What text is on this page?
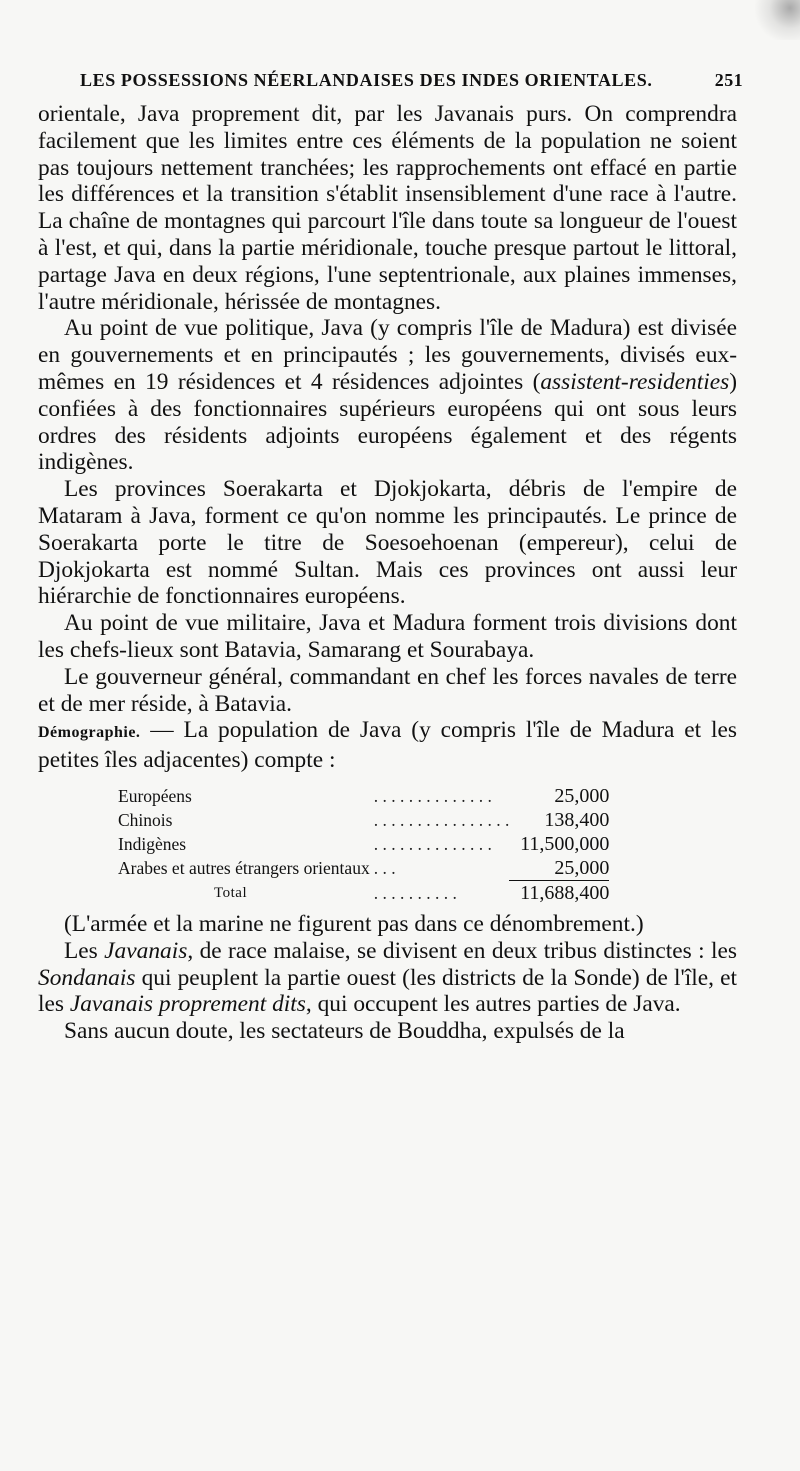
LES POSSESSIONS NÉERLANDAISES DES INDES ORIENTALES.	251

orientale, Java proprement dit, par les Javanais purs. On comprendra facilement que les limites entre ces éléments de la population ne soient pas toujours nettement tranchées; les rapprochements ont effacé en partie les différences et la transition s'établit insensiblement d'une race à l'autre. La chaîne de montagnes qui parcourt l'île dans toute sa longueur de l'ouest à l'est, et qui, dans la partie méridionale, touche presque partout le littoral, partage Java en deux régions, l'une septentrionale, aux plaines immenses, l'autre méridionale, hérissée de montagnes.

Au point de vue politique, Java (y compris l'île de Madura) est divisée en gouvernements et en principautés ; les gouvernements, divisés eux-mêmes en 19 résidences et 4 résidences adjointes (assistent-residenties) confiées à des fonctionnaires supérieurs européens qui ont sous leurs ordres des résidents adjoints européens également et des régents indigènes.

Les provinces Soerakarta et Djokjokarta, débris de l'empire de Mataram à Java, forment ce qu'on nomme les principautés. Le prince de Soerakarta porte le titre de Soesoehoenan (empereur), celui de Djokjokarta est nommé Sultan. Mais ces provinces ont aussi leur hiérarchie de fonctionnaires européens.

Au point de vue militaire, Java et Madura forment trois divisions dont les chefs-lieux sont Batavia, Samarang et Sourabaya.

Le gouverneur général, commandant en chef les forces navales de terre et de mer réside, à Batavia.

Démographie. — La population de Java (y compris l'île de Madura et les petites îles adjacentes) compte :

Européens	. . . . . . . . . . . . . .	25,000
Chinois	. . . . . . . . . . . . . . . .	138,400
Indigènes	. . . . . . . . . . . . . .	11,500,000
Arabes et autres étrangers orientaux	. . .	25,000
Total	. . . . . . . . . .	11,688,400

(L'armée et la marine ne figurent pas dans ce dénombrement.)

Les Javanais, de race malaise, se divisent en deux tribus distinctes : les Sondanais qui peuplent la partie ouest (les districts de la Sonde) de l'île, et les Javanais proprement dits, qui occupent les autres parties de Java.

Sans aucun doute, les sectateurs de Bouddha, expulsés de la
